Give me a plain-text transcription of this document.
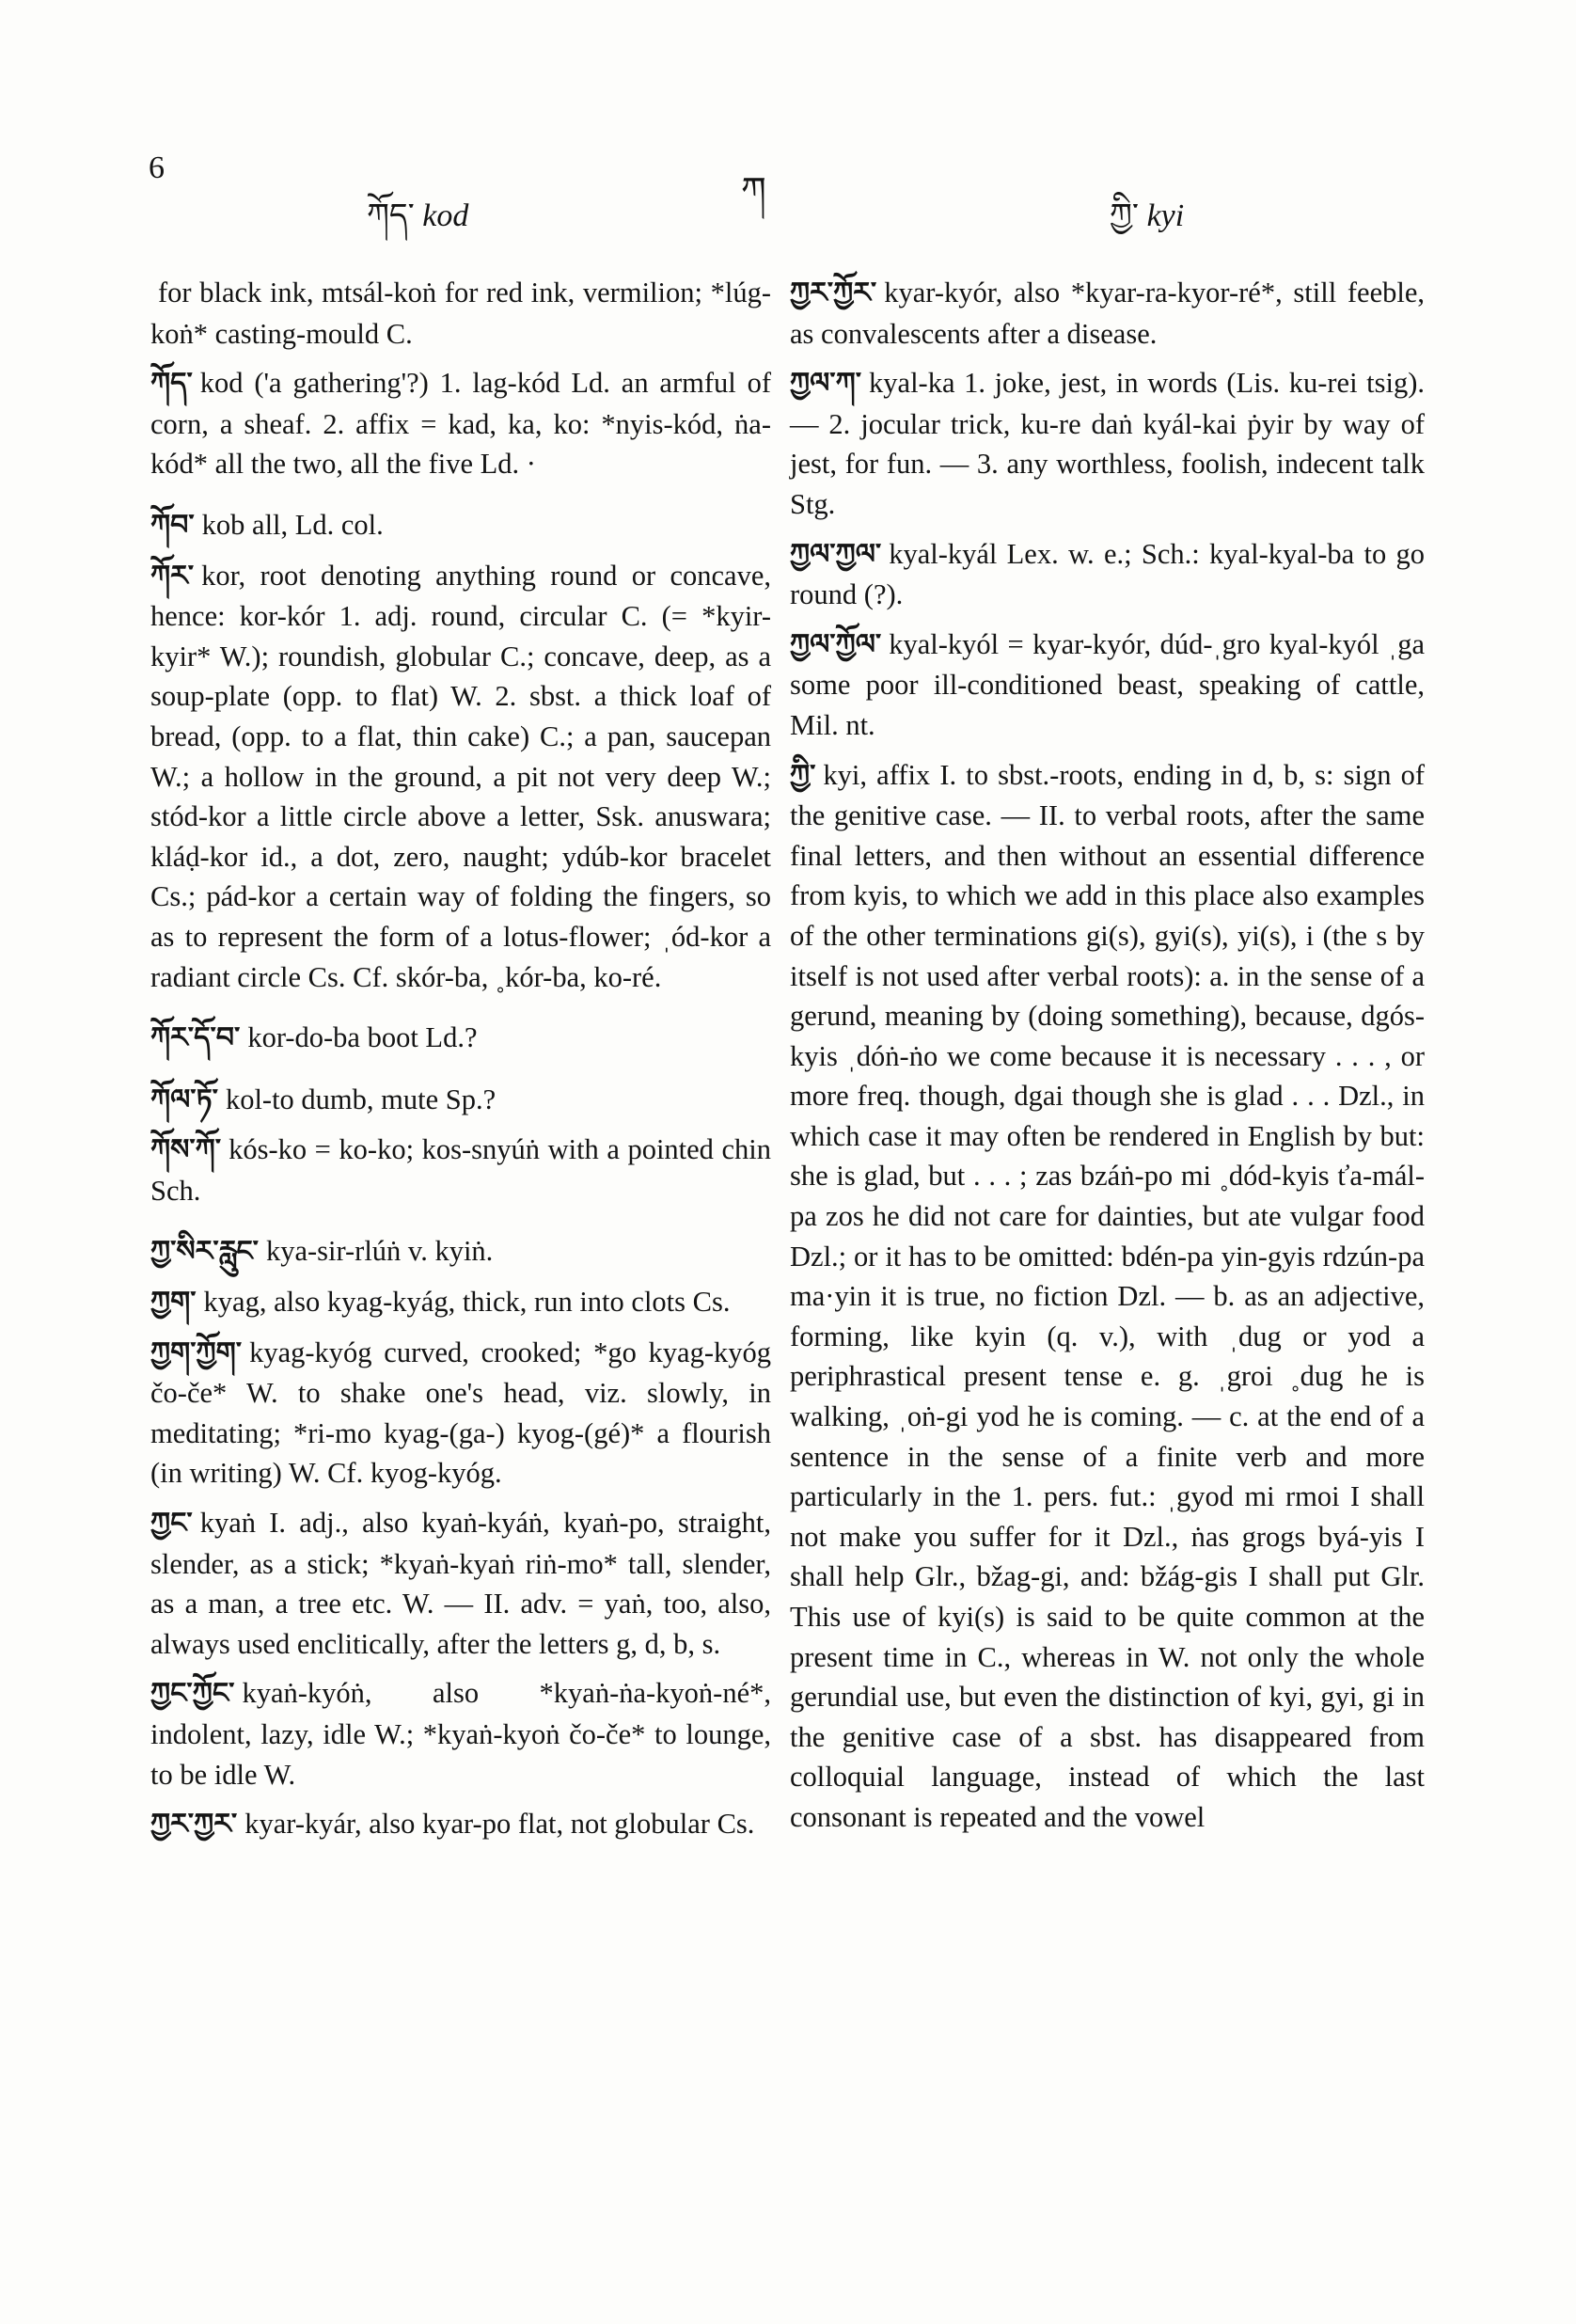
6
ཀོད་ kod
ཀ
ཀྱི་ kyi

for black ink, mtsál-koṅ for red ink, vermilion; *lúg-koṅ* casting-mould C.

ཀོད་ kod ('a gathering'?) 1. lag-kód Ld. an armful of corn, a sheaf. 2. affix = kad, ka, ko: *nyis-kód, ṅa-kód* all the two, all the five Ld. ·

ཀོབ་ kob all, Ld. col.

ཀོར་ kor, root denoting anything round or concave, hence: kor-kór 1. adj. round, circular C. (= *kyir-kyir* W.); roundish, globular C.; concave, deep, as a soup-plate (opp. to flat) W. 2. sbst. a thick loaf of bread, (opp. to a flat, thin cake) C.; a pan, saucepan W.; a hollow in the ground, a pit not very deep W.; stód-kor a little circle above a letter, Ssk. anuswara; kláḍ-kor id., a dot, zero, naught; ydúb-kor bracelet Cs.; pád-kor a certain way of folding the fingers, so as to represent the form of a lotus-flower; ˌód-kor a radiant circle Cs. Cf. skór-ba, ˳kór-ba, ko-ré.

ཀོར་དོ་བ་ kor-do-ba boot Ld.?

ཀོལ་ཏོ་ kol-to dumb, mute Sp.?

ཀོས་ཀོ་ kós-ko = ko-ko; kos-snyúṅ with a pointed chin Sch.

ཀྱ་སིར་རླུང་ kya-sir-rlúṅ v. kyiṅ.

ཀྱག་ kyag, also kyag-kyág, thick, run into clots Cs.

ཀྱག་ཀྱོག་ kyag-kyóg curved, crooked; *go kyag-kyóg čo-če* W. to shake one's head, viz. slowly, in meditating; *ri-mo kyag-(ga-) kyog-(gé)* a flourish (in writing) W. Cf. kyog-kyóg.

ཀྱང་ kyaṅ I. adj., also kyaṅ-kyáṅ, kyaṅ-po, straight, slender, as a stick; *kyaṅ-kyaṅ riṅ-mo* tall, slender, as a man, a tree etc. W. — II. adv. = yaṅ, too, also, always used enclitically, after the letters g, d, b, s.

ཀྱང་ཀྱོང་ kyaṅ-kyóṅ, also *kyaṅ-ṅa-kyoṅ-né*, indolent, lazy, idle W.; *kyaṅ-kyoṅ čo-če* to lounge, to be idle W.

ཀྱར་ཀྱར་ kyar-kyár, also kyar-po flat, not globular Cs.

ཀྱར་ཀྱོར་ kyar-kyór, also *kyar-ra-kyor-ré*, still feeble, as convalescents after a disease.

ཀྱལ་ཀ་ kyal-ka 1. joke, jest, in words (Lis. ku-rei tsig). — 2. jocular trick, ku-re daṅ kyál-kai ṗyir by way of jest, for fun. — 3. any worthless, foolish, indecent talk Stg.

ཀྱལ་ཀྱལ་ kyal-kyál Lex. w. e.; Sch.: kyal-kyal-ba to go round (?).

ཀྱལ་ཀྱོལ་ kyal-kyól = kyar-kyór, dúd-ˌgro kyal-kyól ˌga some poor ill-conditioned beast, speaking of cattle, Mil. nt.

ཀྱི་ kyi, affix I. to sbst.-roots, ending in d, b, s: sign of the genitive case. — II. to verbal roots, after the same final letters, and then without an essential difference from kyis, to which we add in this place also examples of the other terminations gi(s), gyi(s), yi(s), i (the s by itself is not used after verbal roots): a. in the sense of a gerund, meaning by (doing something), because, dgós-kyis ˌdóṅ-ṅo we come because it is necessary . . . , or more freq. though, dgai though she is glad . . . Dzl., in which case it may often be rendered in English by but: she is glad, but . . . ; zas bzáṅ-po mi ˳dód-kyis ťa-mál-pa zos he did not care for dainties, but ate vulgar food Dzl.; or it has to be omitted: bdén-pa yin-gyis rdzún-pa ma·yin it is true, no fiction Dzl. — b. as an adjective, forming, like kyin (q. v.), with ˌdug or yod a periphrastical present tense e. g. ˌgroi ˳dug he is walking, ˌoṅ-gi yod he is coming. — c. at the end of a sentence in the sense of a finite verb and more particularly in the 1. pers. fut.: ˌgyod mi rmoi I shall not make you suffer for it Dzl., ṅas grogs byá-yis I shall help Glr., bžag-gi, and: bžág-gis I shall put Glr. This use of kyi(s) is said to be quite common at the present time in C., whereas in W. not only the whole gerundial use, but even the distinction of kyi, gyi, gi in the genitive case of a sbst. has disappeared from colloquial language, instead of which the last consonant is repeated and the vowel
